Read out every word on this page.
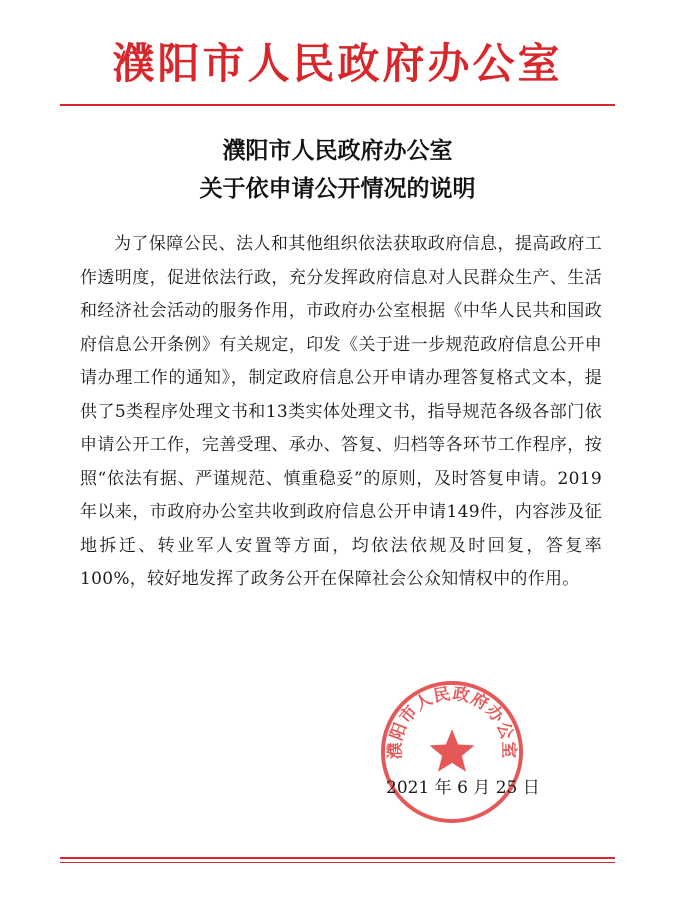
濮阳市人民政府办公室
濮阳市人民政府办公室
关于依申请公开情况的说明

为了保障公民、法人和其他组织依法获取政府信息，提高政府工作透明度，促进依法行政，充分发挥政府信息对人民群众生产、生活和经济社会活动的服务作用，市政府办公室根据《中华人民共和国政府信息公开条例》有关规定，印发《关于进一步规范政府信息公开申请办理工作的通知》，制定政府信息公开申请办理答复格式文本，提供了5类程序处理文书和13类实体处理文书，指导规范各级各部门依申请公开工作，完善受理、承办、答复、归档等各环节工作程序，按照“依法有据、严谨规范、慎重稳妥”的原则，及时答复申请。2019年以来，市政府办公室共收到政府信息公开申请149件，内容涉及征地拆迁、转业军人安置等方面，均依法依规及时回复，答复率100%，较好地发挥了政务公开在保障社会公众知情权中的作用。

濮阳市人民政府办公室
2021 年 6 月 25 日
